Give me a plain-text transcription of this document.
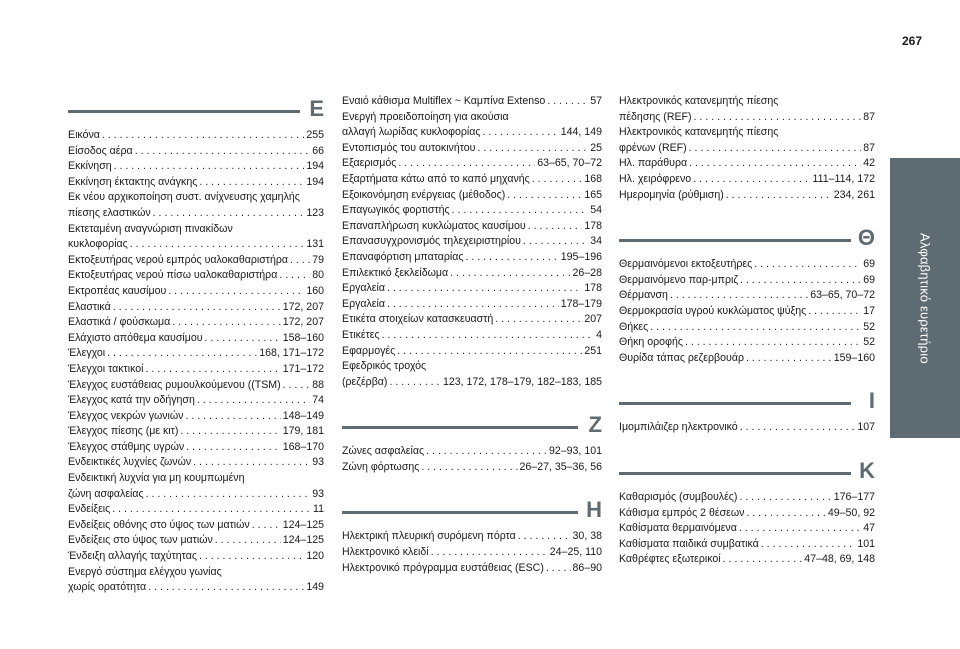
267
Αλφαβητικό ευρετήριο
Ε
Εικόνα . . .	255
Είσοδος αέρα . . .	66
Εκκίνηση . . .	194
Εκκίνηση έκτακτης ανάγκης . . .	194
Εκ νέου αρχικοποίηση συστ. ανίχνευσης χαμηλής
πίεσης ελαστικών . . .	123
Εκτεταμένη αναγνώριση πινακίδων
κυκλοφορίας . . .	131
Εκτοξευτήρας νερού εμπρός υαλοκαθαριστήρα . . . 79
Εκτοξευτήρας νερού πίσω υαλοκαθαριστήρα . . .	80
Εκτροπέας καυσίμου . . .	160
Ελαστικά . . .	172, 207
Ελαστικά / φούσκωμα . . .	172, 207
Ελάχιστο απόθεμα καυσίμου . . .	158–160
Έλεγχοι . . .	168, 171–172
Έλεγχοι τακτικοί . . .	171–172
Έλεγχος ευστάθειας ρυμουλκούμενου ((TSM) . . .	88
Έλεγχος κατά την οδήγηση . . .	74
Έλεγχος νεκρών γωνιών . . .	148–149
Έλεγχος πίεσης (με κιτ) . . .	179, 181
Έλεγχος στάθμης υγρών . . .	168–170
Ενδεικτικές λυχνίες ζωνών . . .	93
Ενδεικτική λυχνία για μη κουμπωμένη
ζώνη ασφαλείας . . .	93
Ενδείξεις . . .	11
Ενδείξεις οθόνης στο ύψος των ματιών . . .	124–125
Ενδείξεις στο ύψος των ματιών . . .	124–125
Ένδειξη αλλαγής ταχύτητας . . .	120
Ενεργό σύστημα ελέγχου γωνίας
χωρίς ορατότητα . . .	149
Εναιό κάθισμα Multiflex ~ Καμπίνα Extenso . . .	57
Ενεργή προειδοποίηση για ακούσια
αλλαγή λωρίδας κυκλοφορίας . . .	144, 149
Εντοπισμός του αυτοκινήτου . . .	25
Εξαερισμός . . .	63–65, 70–72
Εξαρτήματα κάτω από το καπό μηχανής . . .	168
Εξοικονόμηση ενέργειας (μέθοδος) . . .	165
Επαγωγικός φορτιστής . . .	54
Επαναπλήρωση κυκλώματος καυσίμου . . .	178
Επανασυγχρονισμός τηλεχειριστηρίου . . .	34
Επαναφόρτιση μπαταρίας . . .	195–196
Επιλεκτικό ξεκλείδωμα . . .	26–28
Εργαλεία . . .	178
Εργαλεία . . .	178–179
Ετικέτα στοιχείων κατασκευαστή . . .	207
Ετικέτες . . .	4
Εφαρμογές . . .	251
Εφεδρικός τροχός
(ρεζέρβα) . . .	123, 172, 178–179, 182–183, 185
Ζ
Ζώνες ασφαλείας . . .	92–93, 101
Ζώνη φόρτωσης . . .	26–27, 35–36, 56
Η
Ηλεκτρική πλευρική συρόμενη πόρτα . . .	30, 38
Ηλεκτρονικό κλειδί . . .	24–25, 110
Ηλεκτρονικό πρόγραμμα ευστάθειας (ESC) . . .	86–90
Ηλεκτρονικός κατανεμητής πίεσης
πέδησης (REF) . . .	87
Ηλεκτρονικός κατανεμητής πίεσης
φρένων (REF) . . .	87
Ηλ. παράθυρα . . .	42
Ηλ. χειρόφρενο . . .	111–114, 172
Ημερομηνία (ρύθμιση) . . .	234, 261
Θ
Θερμαινόμενοι εκτοξευτήρες . . .	69
Θερμαινόμενο παρ-μπριζ . . .	69
Θέρμανση . . .	63–65, 70–72
Θερμοκρασία υγρού κυκλώματος ψύξης . . .	17
Θήκες . . .	52
Θήκη οροφής . . .	52
Θυρίδα τάπας ρεζερβουάρ . . .	159–160
Ι
Ιμομπιλάιζερ ηλεκτρονικό . . .	107
Κ
Καθαρισμός (συμβουλές) . . .	176–177
Κάθισμα εμπρός 2 θέσεων . . .	49–50, 92
Καθίσματα θερμαινόμενα . . .	47
Καθίσματα παιδικά συμβατικά . . .	101
Καθρέφτες εξωτερικοί . . .	47–48, 69, 148
